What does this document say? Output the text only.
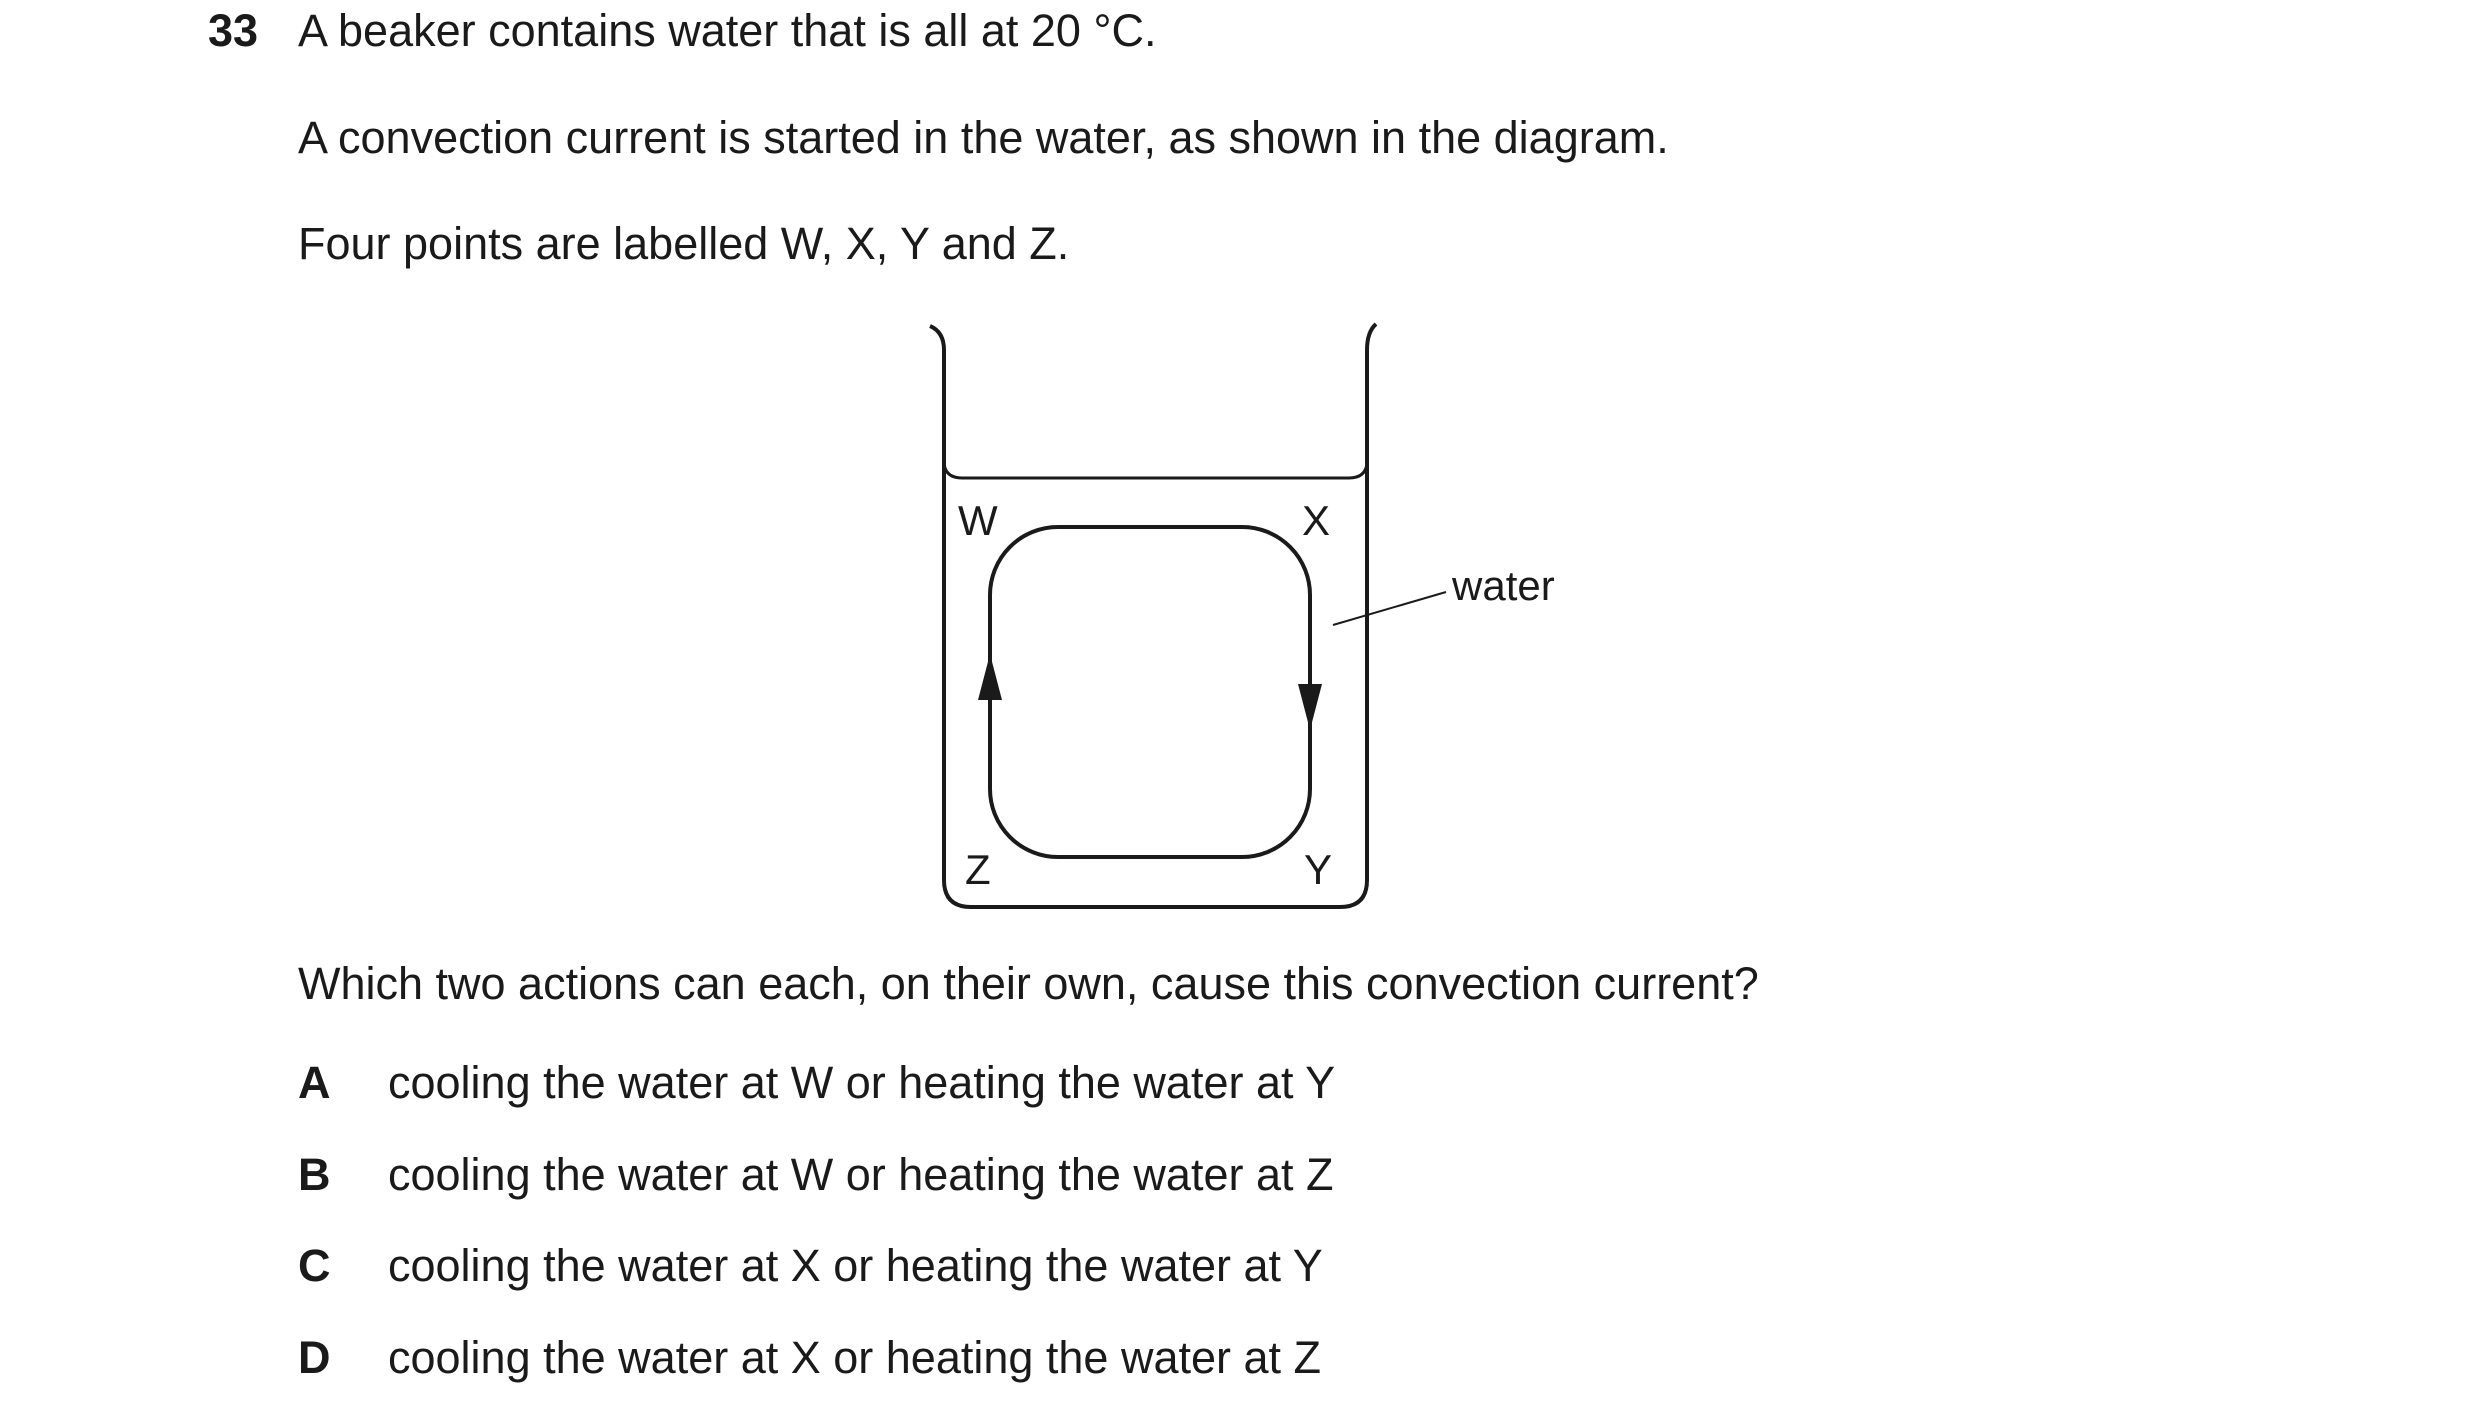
33 A beaker contains water that is all at 20 °C.
A convection current is started in the water, as shown in the diagram.
Four points are labelled W, X, Y and Z.
W	X
Y
Z
water
Which two actions can each, on their own, cause this convection current?
A cooling the water at W or heating the water at Y
B cooling the water at W or heating the water at Z
C cooling the water at X or heating the water at Y
D cooling the water at X or heating the water at Z
